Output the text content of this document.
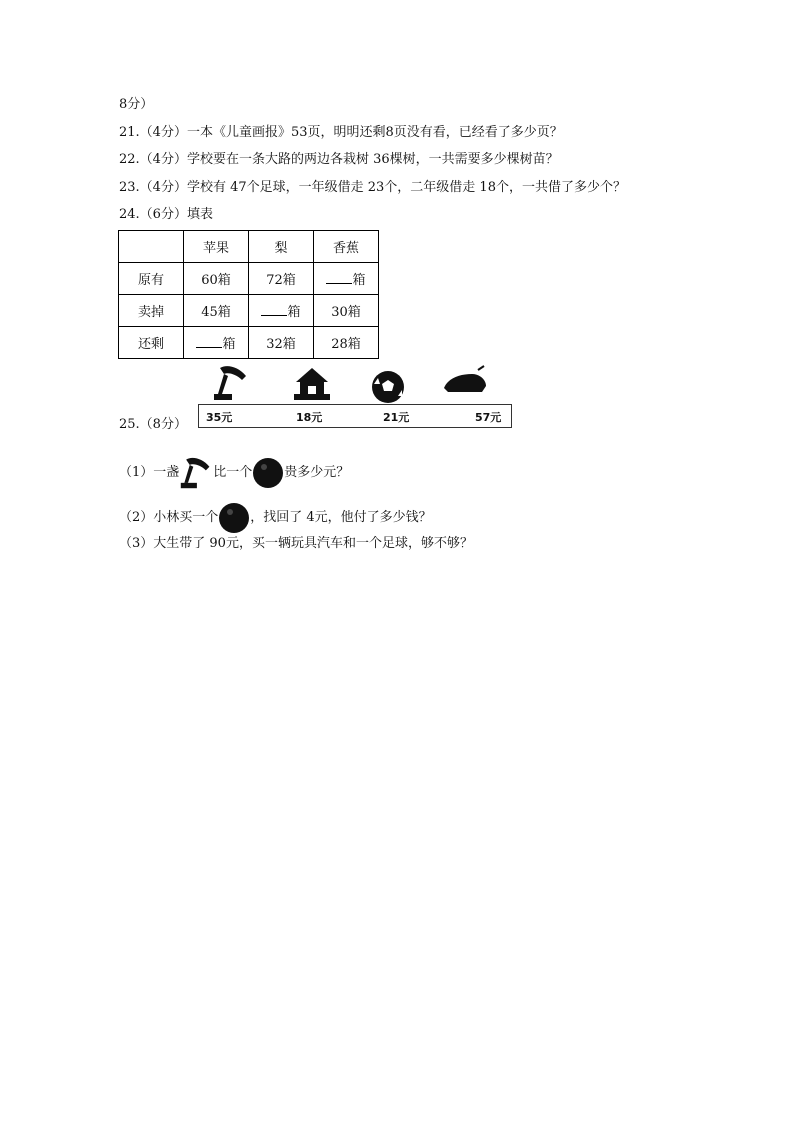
8分）
21.（4分）一本《儿童画报》53页，明明还剩8页没有看，已经看了多少页？
22.（4分）学校要在一条大路的两边各栽树 36棵树，一共需要多少棵树苗？
23.（4分）学校有 47个足球，一年级借走 23个，二年级借走 18个，一共借了多少个？
24.（6分）填表
	苹果	梨	香蕉
原有	60箱	72箱	箱
卖掉	45箱	箱	30箱
还剩	箱	32箱	28箱
35元	18元	21元	57元
25.（8分）
（1）一盏	比一个 贵多少元？
（2）小林买一个 ，找回了 4元，他付了多少钱？
（3）大生带了 90元，买一辆玩具汽车和一个足球，够不够？
